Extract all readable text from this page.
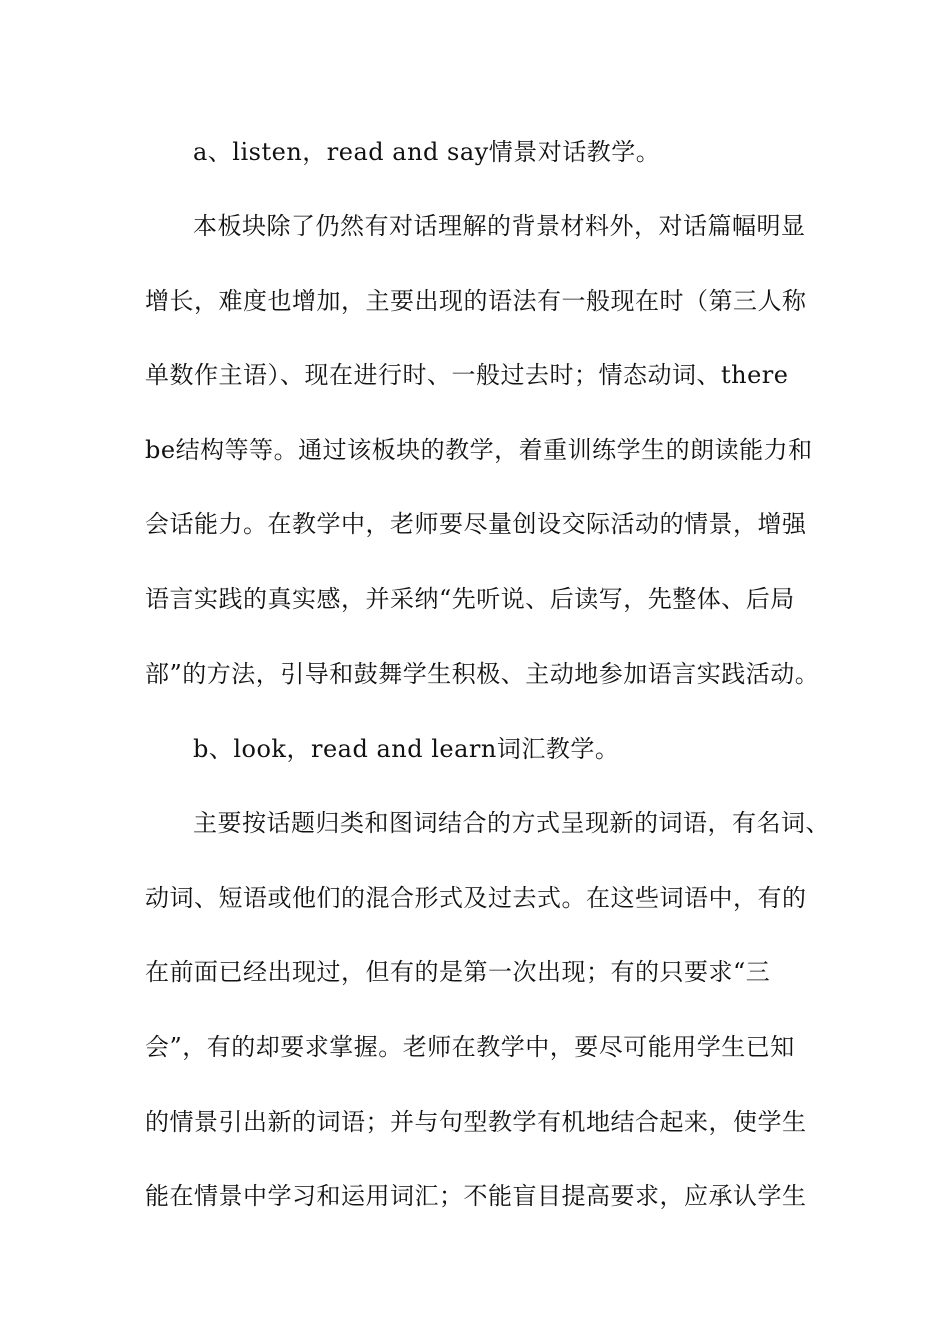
a、listen，read and say情景对话教学。
本板块除了仍然有对话理解的背景材料外，对话篇幅明显
增长，难度也增加，主要出现的语法有一般现在时（第三人称
单数作主语）、现在进行时、一般过去时；情态动词、there
be结构等等。通过该板块的教学，着重训练学生的朗读能力和
会话能力。在教学中，老师要尽量创设交际活动的情景，增强
语言实践的真实感，并采纳“先听说、后读写，先整体、后局
部”的方法，引导和鼓舞学生积极、主动地参加语言实践活动。
b、look，read and learn词汇教学。
主要按话题归类和图词结合的方式呈现新的词语，有名词、
动词、短语或他们的混合形式及过去式。在这些词语中，有的
在前面已经出现过，但有的是第一次出现；有的只要求“三
会”，有的却要求掌握。老师在教学中，要尽可能用学生已知
的情景引出新的词语；并与句型教学有机地结合起来，使学生
能在情景中学习和运用词汇；不能盲目提高要求，应承认学生
